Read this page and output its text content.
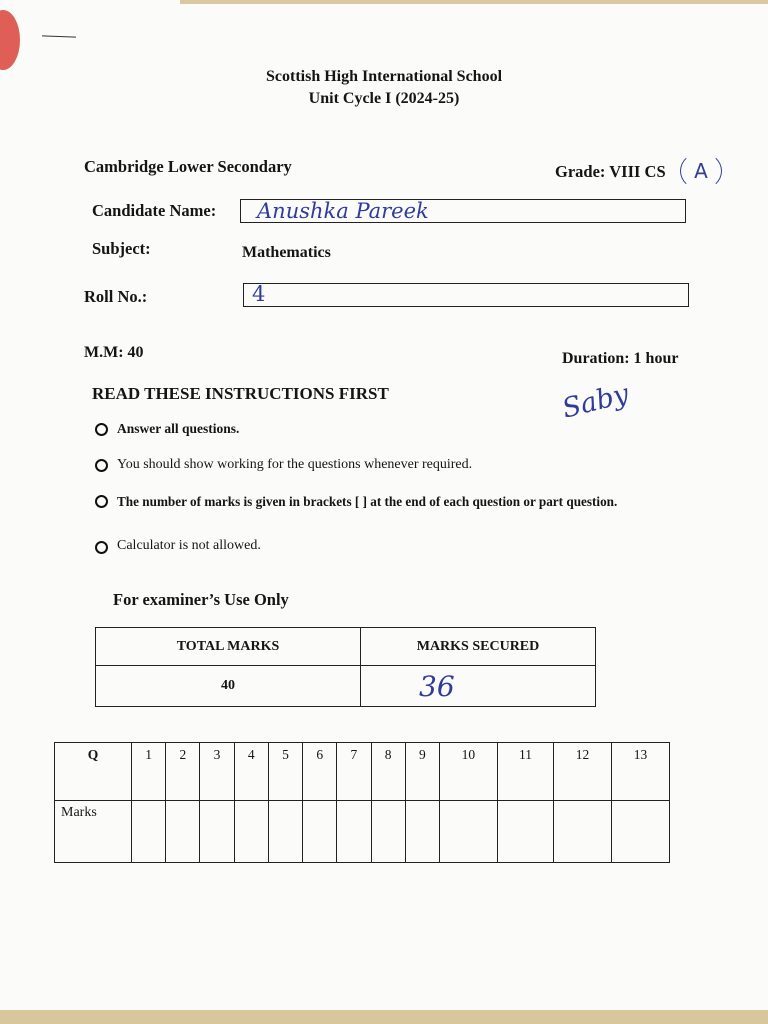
Scottish High International School
Unit Cycle I (2024-25)
Cambridge Lower Secondary	Grade: VIII CS	A
Candidate Name: Anushka Pareek
Subject:	Mathematics
Roll No.:	4
M.M: 40	Duration: 1 hour
READ THESE INSTRUCTIONS FIRST	Saby
Answer all questions.
You should show working for the questions whenever required.
The number of marks is given in brackets [ ] at the end of each question or part question.
Calculator is not allowed.
For examiner’s Use Only
TOTAL MARKS	MARKS SECURED
40	36
Q	1	2	3	4	5	6	7	8	9	10	11	12	13
Marks													
